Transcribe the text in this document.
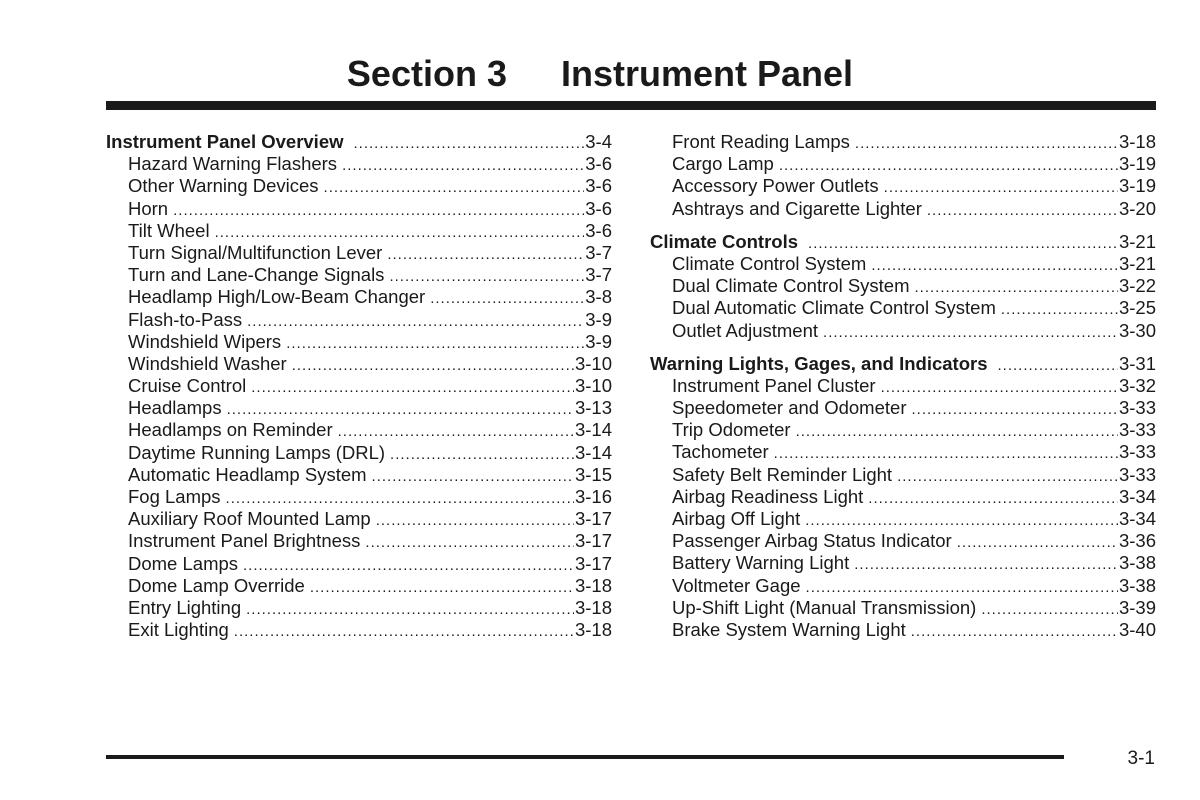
Section 3 Instrument Panel
Instrument Panel Overview .....	3-4
Hazard Warning Flashers .....	3-6
Other Warning Devices .....	3-6
Horn .....	3-6
Tilt Wheel .....	3-6
Turn Signal/Multifunction Lever .....	3-7
Turn and Lane-Change Signals .....	3-7
Headlamp High/Low-Beam Changer .....	3-8
Flash-to-Pass .....	3-9
Windshield Wipers .....	3-9
Windshield Washer .....	3-10
Cruise Control .....	3-10
Headlamps .....	3-13
Headlamps on Reminder .....	3-14
Daytime Running Lamps (DRL) .....	3-14
Automatic Headlamp System .....	3-15
Fog Lamps .....	3-16
Auxiliary Roof Mounted Lamp .....	3-17
Instrument Panel Brightness .....	3-17
Dome Lamps .....	3-17
Dome Lamp Override .....	3-18
Entry Lighting .....	3-18
Exit Lighting .....	3-18
Front Reading Lamps .....	3-18
Cargo Lamp .....	3-19
Accessory Power Outlets .....	3-19
Ashtrays and Cigarette Lighter .....	3-20
Climate Controls .....	3-21
Climate Control System .....	3-21
Dual Climate Control System .....	3-22
Dual Automatic Climate Control System .....	3-25
Outlet Adjustment .....	3-30
Warning Lights, Gages, and Indicators .....	3-31
Instrument Panel Cluster .....	3-32
Speedometer and Odometer .....	3-33
Trip Odometer .....	3-33
Tachometer .....	3-33
Safety Belt Reminder Light .....	3-33
Airbag Readiness Light .....	3-34
Airbag Off Light .....	3-34
Passenger Airbag Status Indicator .....	3-36
Battery Warning Light .....	3-38
Voltmeter Gage .....	3-38
Up-Shift Light (Manual Transmission) .....	3-39
Brake System Warning Light .....	3-40
3-1
